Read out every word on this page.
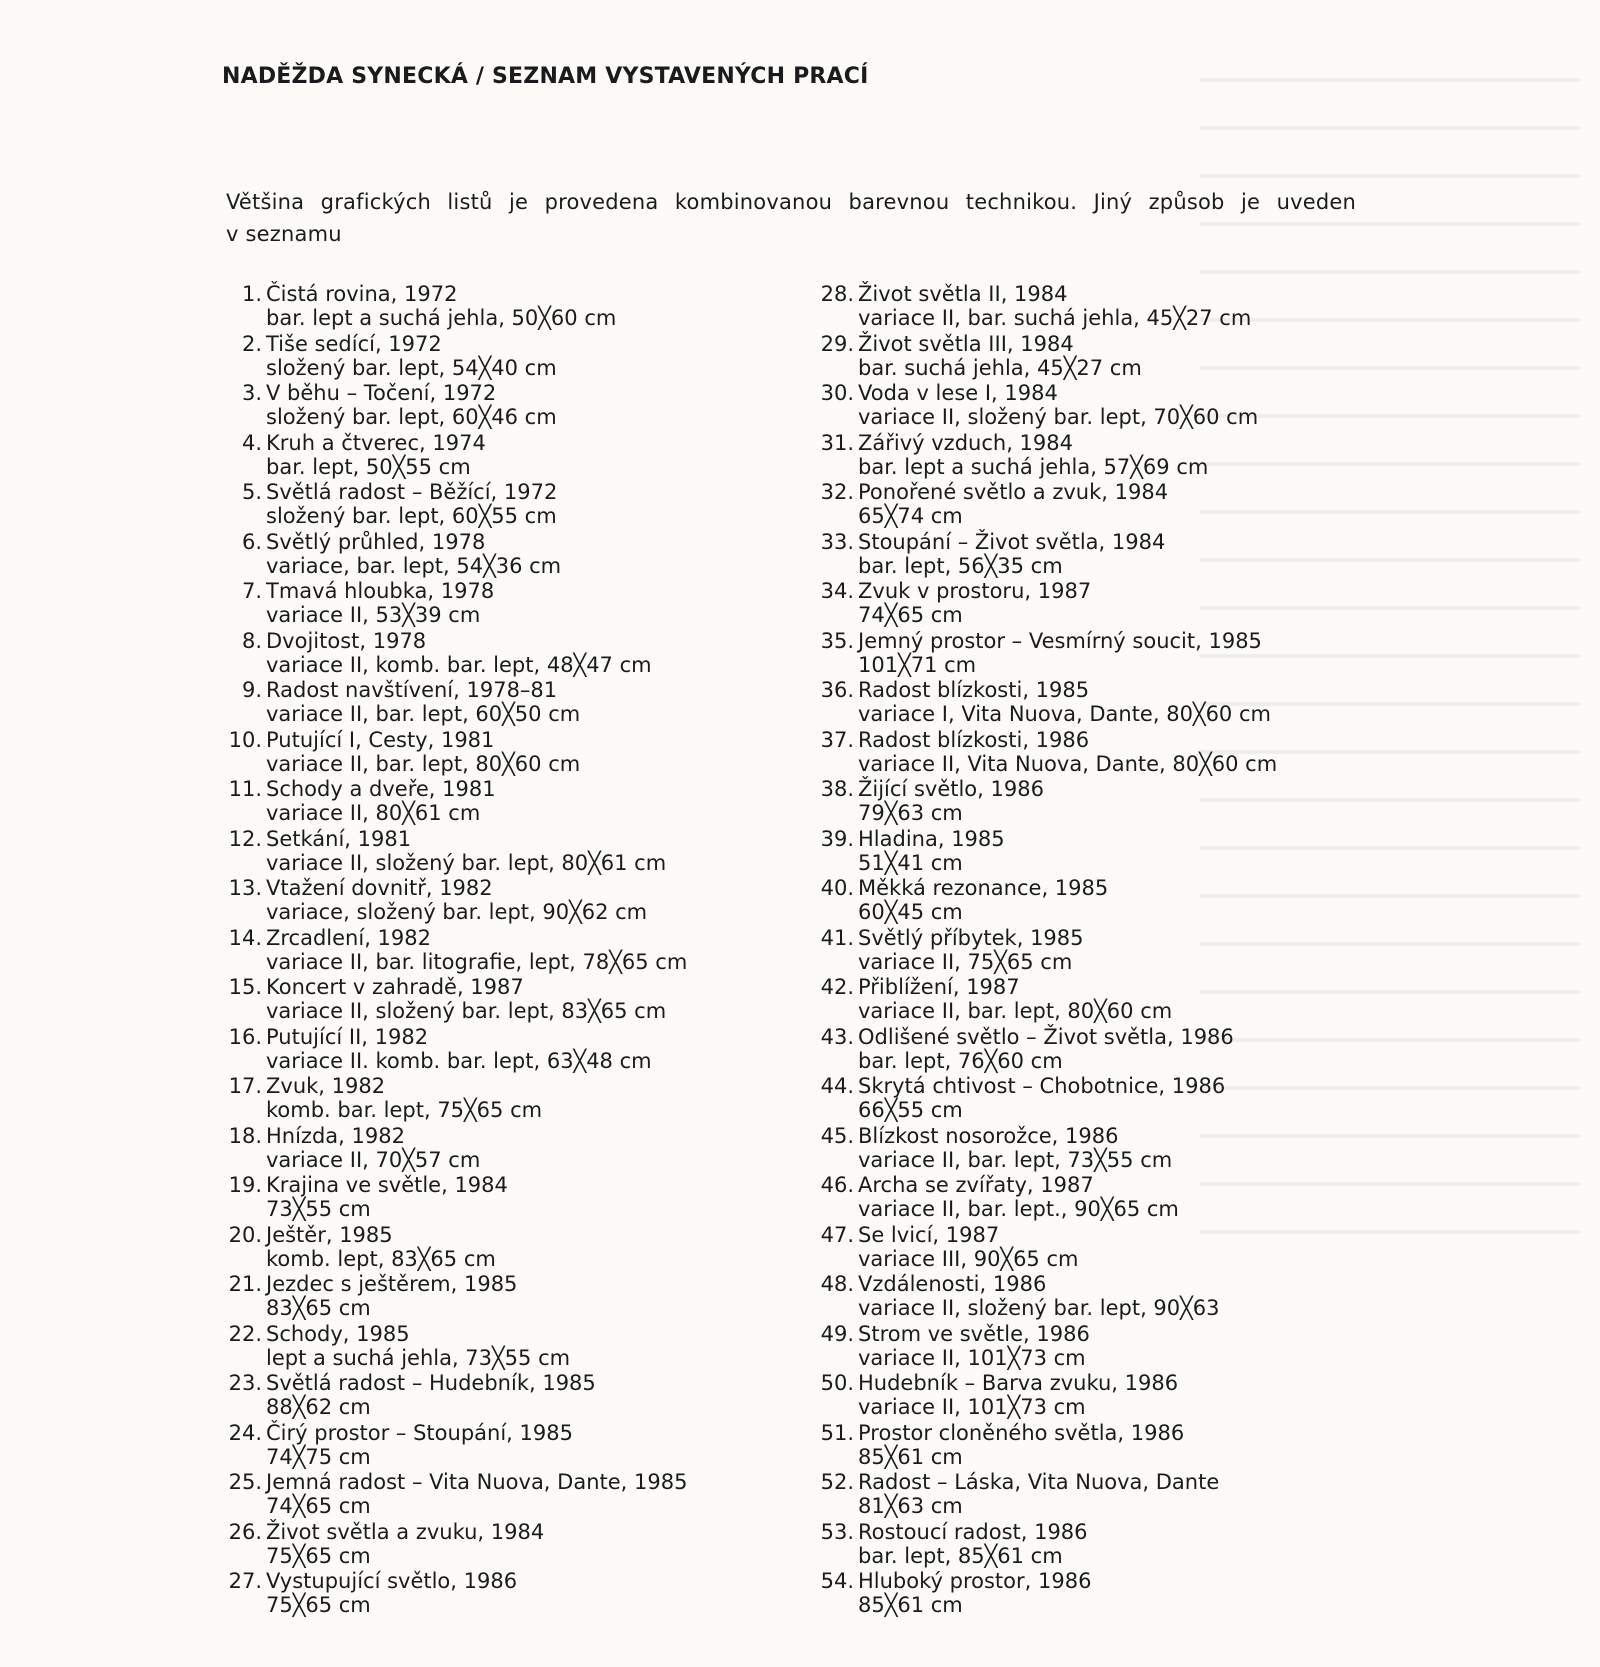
NADĚŽDA SYNECKÁ / SEZNAM VYSTAVENÝCH PRACÍ
Většina grafických listů je provedena kombinovanou barevnou technikou. Jiný způsob je uveden
v seznamu
1. Čistá rovina, 1972
bar. lept a suchá jehla, 50╳60 cm
2. Tiše sedící, 1972
složený bar. lept, 54╳40 cm
3. V běhu – Točení, 1972
složený bar. lept, 60╳46 cm
4. Kruh a čtverec, 1974
bar. lept, 50╳55 cm
5. Světlá radost – Běžící, 1972
složený bar. lept, 60╳55 cm
6. Světlý průhled, 1978
variace, bar. lept, 54╳36 cm
7. Tmavá hloubka, 1978
variace II, 53╳39 cm
8. Dvojitost, 1978
variace II, komb. bar. lept, 48╳47 cm
9. Radost navštívení, 1978–81
variace II, bar. lept, 60╳50 cm
10. Putující I, Cesty, 1981
variace II, bar. lept, 80╳60 cm
11. Schody a dveře, 1981
variace II, 80╳61 cm
12. Setkání, 1981
variace II, složený bar. lept, 80╳61 cm
13. Vtažení dovnitř, 1982
variace, složený bar. lept, 90╳62 cm
14. Zrcadlení, 1982
variace II, bar. litografie, lept, 78╳65 cm
15. Koncert v zahradě, 1987
variace II, složený bar. lept, 83╳65 cm
16. Putující II, 1982
variace II. komb. bar. lept, 63╳48 cm
17. Zvuk, 1982
komb. bar. lept, 75╳65 cm
18. Hnízda, 1982
variace II, 70╳57 cm
19. Krajina ve světle, 1984
73╳55 cm
20. Ještěr, 1985
komb. lept, 83╳65 cm
21. Jezdec s ještěrem, 1985
83╳65 cm
22. Schody, 1985
lept a suchá jehla, 73╳55 cm
23. Světlá radost – Hudebník, 1985
88╳62 cm
24. Čirý prostor – Stoupání, 1985
74╳75 cm
25. Jemná radost – Vita Nuova, Dante, 1985
74╳65 cm
26. Život světla a zvuku, 1984
75╳65 cm
27. Vystupující světlo, 1986
75╳65 cm
28. Život světla II, 1984
variace II, bar. suchá jehla, 45╳27 cm
29. Život světla III, 1984
bar. suchá jehla, 45╳27 cm
30. Voda v lese I, 1984
variace II, složený bar. lept, 70╳60 cm
31. Zářivý vzduch, 1984
bar. lept a suchá jehla, 57╳69 cm
32. Ponořené světlo a zvuk, 1984
65╳74 cm
33. Stoupání – Život světla, 1984
bar. lept, 56╳35 cm
34. Zvuk v prostoru, 1987
74╳65 cm
35. Jemný prostor – Vesmírný soucit, 1985
101╳71 cm
36. Radost blízkosti, 1985
variace I, Vita Nuova, Dante, 80╳60 cm
37. Radost blízkosti, 1986
variace II, Vita Nuova, Dante, 80╳60 cm
38. Žijící světlo, 1986
79╳63 cm
39. Hladina, 1985
51╳41 cm
40. Měkká rezonance, 1985
60╳45 cm
41. Světlý příbytek, 1985
variace II, 75╳65 cm
42. Přiblížení, 1987
variace II, bar. lept, 80╳60 cm
43. Odlišené světlo – Život světla, 1986
bar. lept, 76╳60 cm
44. Skrytá chtivost – Chobotnice, 1986
66╳55 cm
45. Blízkost nosorožce, 1986
variace II, bar. lept, 73╳55 cm
46. Archa se zvířaty, 1987
variace II, bar. lept., 90╳65 cm
47. Se lvicí, 1987
variace III, 90╳65 cm
48. Vzdálenosti, 1986
variace II, složený bar. lept, 90╳63
49. Strom ve světle, 1986
variace II, 101╳73 cm
50. Hudebník – Barva zvuku, 1986
variace II, 101╳73 cm
51. Prostor cloněného světla, 1986
85╳61 cm
52. Radost – Láska, Vita Nuova, Dante
81╳63 cm
53. Rostoucí radost, 1986
bar. lept, 85╳61 cm
54. Hluboký prostor, 1986
85╳61 cm
